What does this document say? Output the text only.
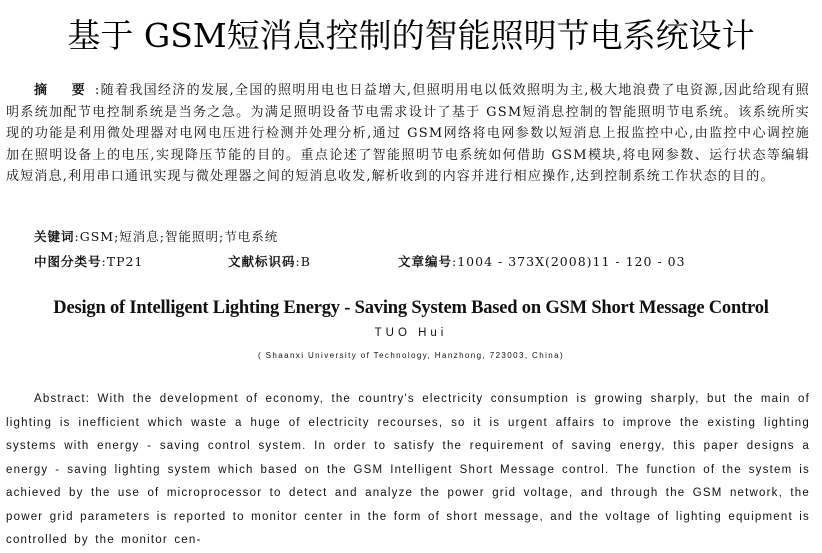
基于 GSM短消息控制的智能照明节电系统设计
摘 要:随着我国经济的发展,全国的照明用电也日益增大,但照明用电以低效照明为主,极大地浪费了电资源,因此给现有照明系统加配节电控制系统是当务之急。为满足照明设备节电需求设计了基于 GSM短消息控制的智能照明节电系统。该系统所实现的功能是利用微处理器对电网电压进行检测并处理分析,通过 GSM网络将电网参数以短消息上报监控中心,由监控中心调控施加在照明设备上的电压,实现降压节能的目的。重点论述了智能照明节电系统如何借助 GSM模块,将电网参数、运行状态等编辑成短消息,利用串口通讯实现与微处理器之间的短消息收发,解析收到的内容并进行相应操作,达到控制系统工作状态的目的。
关键词:GSM;短消息;智能照明;节电系统
中图分类号:TP21	文献标识码:B	文章编号:1004 - 373X(2008)11 - 120 - 03
Design of Intelligent Lighting Energy - Saving System Based on GSM Short Message Control
TUO Hui
( Shaanxi University of Technology, Hanzhong, 723003, China)
Abstract: With the development of economy, the country's electricity consumption is growing sharply, but the main of lighting is inefficient which waste a huge of electricity recourses, so it is urgent affairs to improve the existing lighting systems with energy - saving control system. In order to satisfy the requirement of saving energy, this paper designs a energy - saving lighting system which based on the GSM Intelligent Short Message control. The function of the system is achieved by the use of microprocessor to detect and analyze the power grid voltage, and through the GSM network, the power grid parameters is reported to monitor center in the form of short message, and the voltage of lighting equipment is controlled by the monitor cen-
